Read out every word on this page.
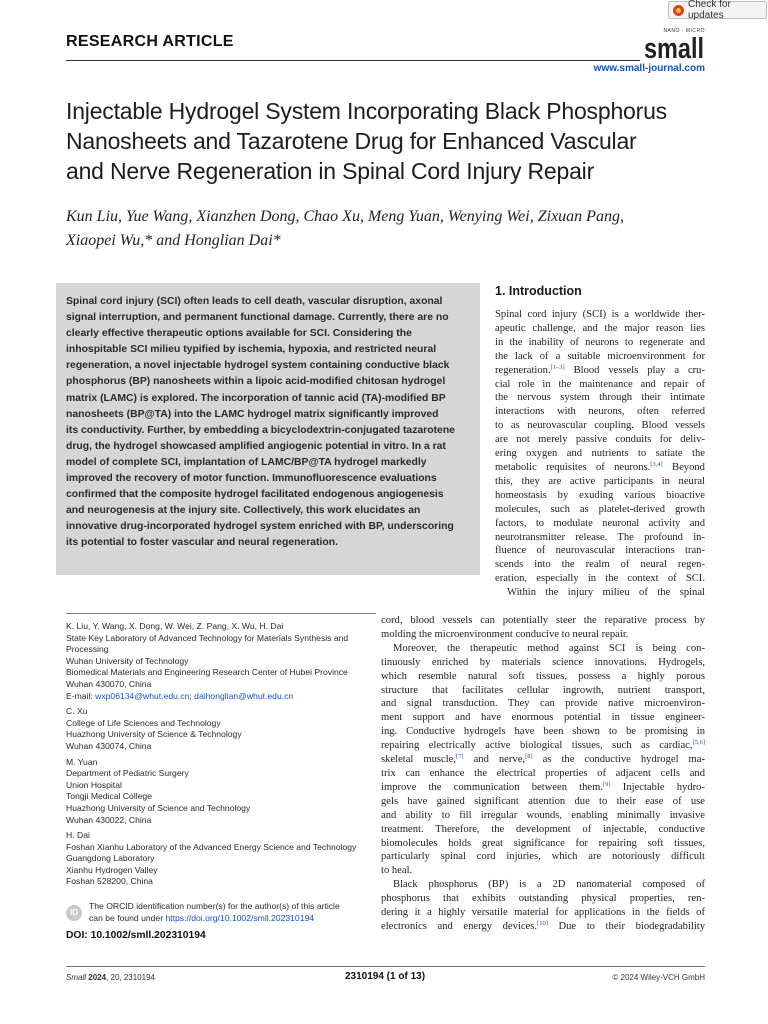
Check for updates
RESEARCH ARTICLE
NANO · MICRO
small
www.small-journal.com
Injectable Hydrogel System Incorporating Black Phosphorus
Nanosheets and Tazarotene Drug for Enhanced Vascular
and Nerve Regeneration in Spinal Cord Injury Repair
Kun Liu, Yue Wang, Xianzhen Dong, Chao Xu, Meng Yuan, Wenying Wei, Zixuan Pang,
Xiaopei Wu,* and Honglian Dai*
Spinal cord injury (SCI) often leads to cell death, vascular disruption, axonal
signal interruption, and permanent functional damage. Currently, there are no
clearly effective therapeutic options available for SCI. Considering the
inhospitable SCI milieu typified by ischemia, hypoxia, and restricted neural
regeneration, a novel injectable hydrogel system containing conductive black
phosphorus (BP) nanosheets within a lipoic acid-modified chitosan hydrogel
matrix (LAMC) is explored. The incorporation of tannic acid (TA)-modified BP
nanosheets (BP@TA) into the LAMC hydrogel matrix significantly improved
its conductivity. Further, by embedding a bicyclodextrin-conjugated tazarotene
drug, the hydrogel showcased amplified angiogenic potential in vitro. In a rat
model of complete SCI, implantation of LAMC/BP@TA hydrogel markedly
improved the recovery of motor function. Immunofluorescence evaluations
confirmed that the composite hydrogel facilitated endogenous angiogenesis
and neurogenesis at the injury site. Collectively, this work elucidates an
innovative drug-incorporated hydrogel system enriched with BP, underscoring
its potential to foster vascular and neural regeneration.
1. Introduction
Spinal cord injury (SCI) is a worldwide ther-
apeutic challenge, and the major reason lies
in the inability of neurons to regenerate and
the lack of a suitable microenvironment for
regeneration.[1–3] Blood vessels play a cru-
cial role in the maintenance and repair of
the nervous system through their intimate
interactions with neurons, often referred
to as neurovascular coupling. Blood vessels
are not merely passive conduits for deliv-
ering oxygen and nutrients to satiate the
metabolic requisites of neurons.[3,4] Beyond
this, they are active participants in neural
homeostasis by exuding various bioactive
molecules, such as platelet-derived growth
factors, to modulate neuronal activity and
neurotransmitter release. The profound in-
fluence of neurovascular interactions tran-
scends into the realm of neural regen-
eration, especially in the context of SCI.
Within the injury milieu of the spinal
cord, blood vessels can potentially steer the reparative process by
molding the microenvironment conducive to neural repair.
Moreover, the therapeutic method against SCI is being con-
tinuously enriched by materials science innovations. Hydrogels,
which resemble natural soft tissues, possess a highly porous
structure that facilitates cellular ingrowth, nutrient transport,
and signal transduction. They can provide native microenviron-
ment support and have enormous potential in tissue engineer-
ing. Conductive hydrogels have been shown to be promising in
repairing electrically active biological tissues, such as cardiac,[5,6]
skeletal muscle,[7] and nerve,[8] as the conductive hydrogel ma-
trix can enhance the electrical properties of adjacent cells and
improve the communication between them.[9] Injectable hydro-
gels have gained significant attention due to their ease of use
and ability to fill irregular wounds, enabling minimally invasive
treatment. Therefore, the development of injectable, conductive
biomolecules holds great significance for repairing soft tissues,
particularly spinal cord injuries, which are notoriously difficult
to heal.
Black phosphorus (BP) is a 2D nanomaterial composed of
phosphorus that exhibits outstanding physical properties, ren-
dering it a highly versatile material for applications in the fields of
electronics and energy devices.[10] Due to their biodegradability
K. Liu, Y. Wang, X. Dong, W. Wei, Z. Pang, X. Wu, H. Dai
State Key Laboratory of Advanced Technology for Materials Synthesis and
Processing
Wuhan University of Technology
Biomedical Materials and Engineering Research Center of Hubei Province
Wuhan 430070, China
E-mail: wxp06134@whut.edu.cn; daihonglian@whut.edu.cn
C. Xu
College of Life Sciences and Technology
Huazhong University of Science & Technology
Wuhan 430074, China
M. Yuan
Department of Pediatric Surgery
Union Hospital
Tongji Medical College
Huazhong University of Science and Technology
Wuhan 430022, China
H. Dai
Foshan Xianhu Laboratory of the Advanced Energy Science and Technology
Guangdong Laboratory
Xianhu Hydrogen Valley
Foshan 528200, China
ID
The ORCID identification number(s) for the author(s) of this article
can be found under https://doi.org/10.1002/smll.202310194
DOI: 10.1002/smll.202310194
Small 2024, 20, 2310194	2310194 (1 of 13)	© 2024 Wiley-VCH GmbH
